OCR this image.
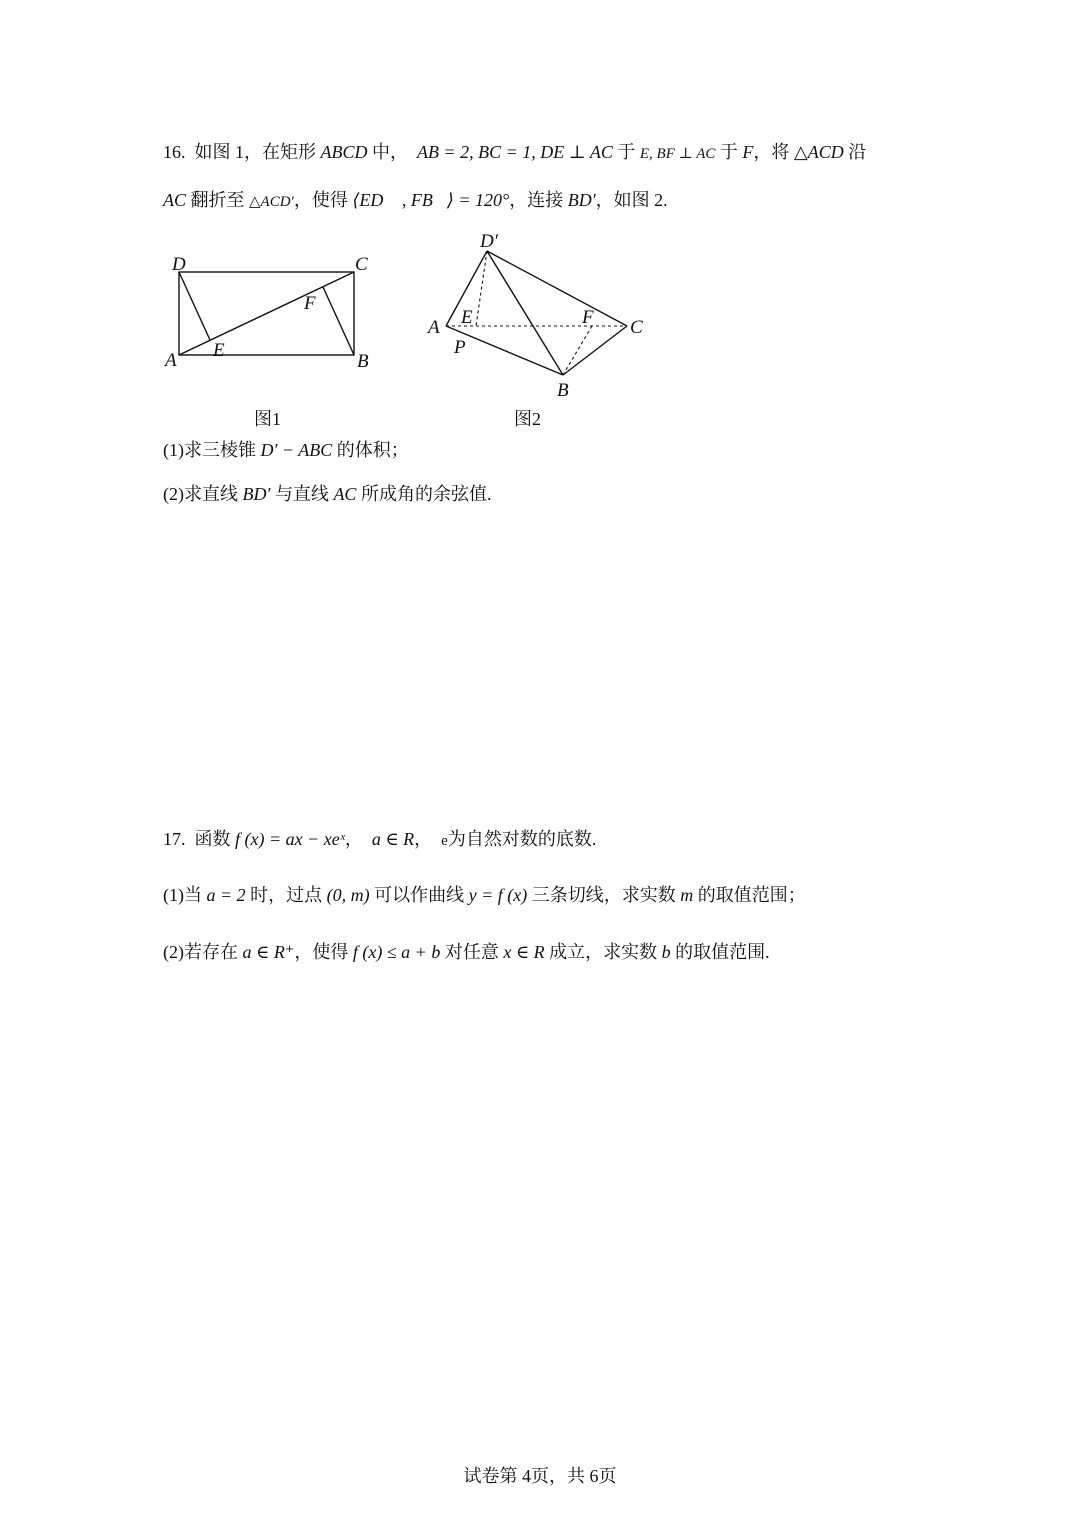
16. 如图 1，在矩形 ABCD 中， AB = 2, BC = 1, DE ⊥ AC 于 E, BF ⊥ AC 于 F，将 △ACD 沿
AC 翻折至 △ACD′，使得 ⟨ED⃗ , FB⃗⟩ = 120°，连接 BD′，如图 2.
D	C
A	B
E
F
图1
D′
A E	F C
P
B
图2
(1)求三棱锥 D′ − ABC 的体积；
(2)求直线 BD′ 与直线 AC 所成角的余弦值.
17. 函数 f (x) = ax − xeˣ， a ∈ R， e为自然对数的底数.
(1)当 a = 2 时，过点 (0, m) 可以作曲线 y = f (x) 三条切线，求实数 m 的取值范围；
(2)若存在 a ∈ R⁺，使得 f (x) ≤ a + b 对任意 x ∈ R 成立，求实数 b 的取值范围.
试卷第 4页，共 6页
